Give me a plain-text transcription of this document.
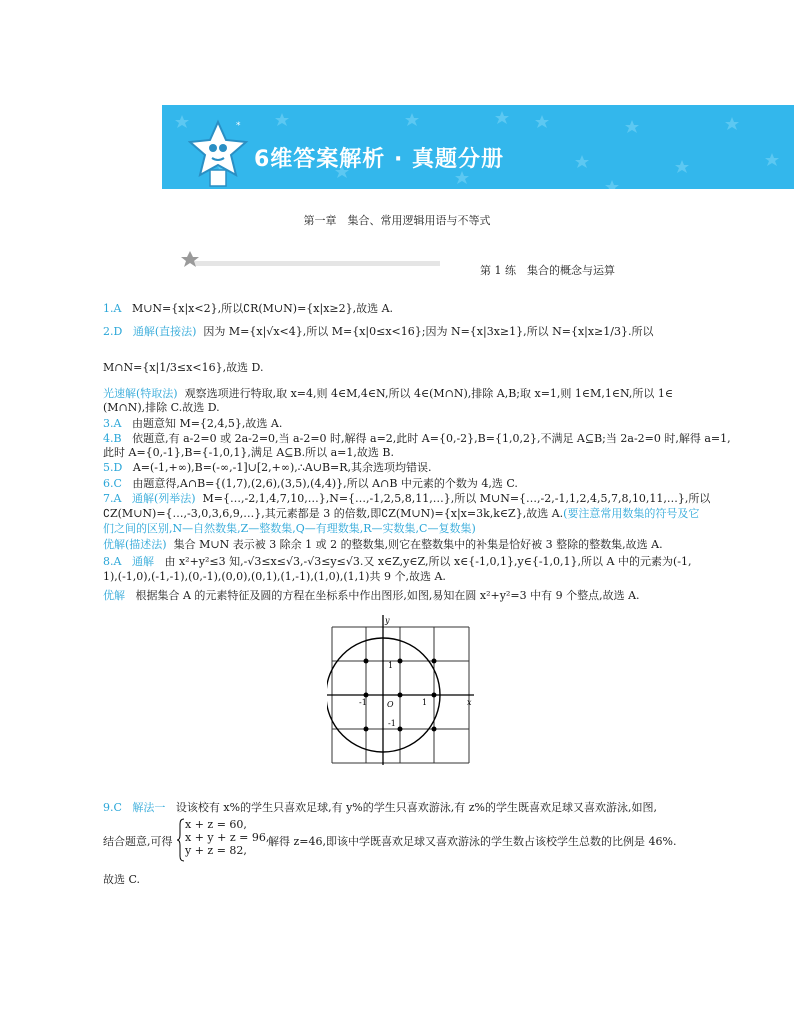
6维答案解析 · 真题分册
*
第一章　集合、常用逻辑用语与不等式
第 1 练　集合的概念与运算
1.A M∪N={x|x<2},所以∁R(M∪N)={x|x≥2},故选 A.
2.D 通解(直接法) 因为 M={x|√x<4},所以 M={x|0≤x<16};因为 N={x|3x≥1},所以 N={x|x≥1/3}.所以
M∩N={x|1/3≤x<16},故选 D.
光速解(特取法) 观察选项进行特取,取 x=4,则 4∈M,4∈N,所以 4∈(M∩N),排除 A,B;取 x=1,则 1∈M,1∈N,所以 1∈
(M∩N),排除 C.故选 D.
3.A 由题意知 M={2,4,5},故选 A.
4.B 依题意,有 a-2=0 或 2a-2=0,当 a-2=0 时,解得 a=2,此时 A={0,-2},B={1,0,2},不满足 A⊆B;当 2a-2=0 时,解得 a=1,
此时 A={0,-1},B={-1,0,1},满足 A⊆B.所以 a=1,故选 B.
5.D A=(-1,+∞),B=(-∞,-1]∪[2,+∞),∴A∪B=R,其余选项均错误.
6.C 由题意得,A∩B={(1,7),(2,6),(3,5),(4,4)},所以 A∩B 中元素的个数为 4,选 C.
7.A 通解(列举法) M={…,-2,1,4,7,10,…},N={…,-1,2,5,8,11,…},所以 M∪N={…,-2,-1,1,2,4,5,7,8,10,11,…},所以
∁Z(M∪N)={…,-3,0,3,6,9,…},其元素都是 3 的倍数,即∁Z(M∪N)={x|x=3k,k∈Z},故选 A.(要注意常用数集的符号及它
们之间的区别,N—自然数集,Z—整数集,Q—有理数集,R—实数集,C—复数集)
优解(描述法) 集合 M∪N 表示被 3 除余 1 或 2 的整数集,则它在整数集中的补集是恰好被 3 整除的整数集,故选 A.
8.A 通解 由 x²+y²≤3 知,-√3≤x≤√3,-√3≤y≤√3.又 x∈Z,y∈Z,所以 x∈{-1,0,1},y∈{-1,0,1},所以 A 中的元素为(-1,
1),(-1,0),(-1,-1),(0,-1),(0,0),(0,1),(1,-1),(1,0),(1,1)共 9 个,故选 A.
优解 根据集合 A 的元素特征及圆的方程在坐标系中作出图形,如图,易知在圆 x²+y²=3 中有 9 个整点,故选 A.
y
x
O
1
-1
-1	1
9.C 解法一 设该校有 x%的学生只喜欢足球,有 y%的学生只喜欢游泳,有 z%的学生既喜欢足球又喜欢游泳,如图,
结合题意,可得
x + z = 60,
x + y + z = 96,
y + z = 82,
解得 z=46,即该中学既喜欢足球又喜欢游泳的学生数占该校学生总数的比例是 46%.
故选 C.
